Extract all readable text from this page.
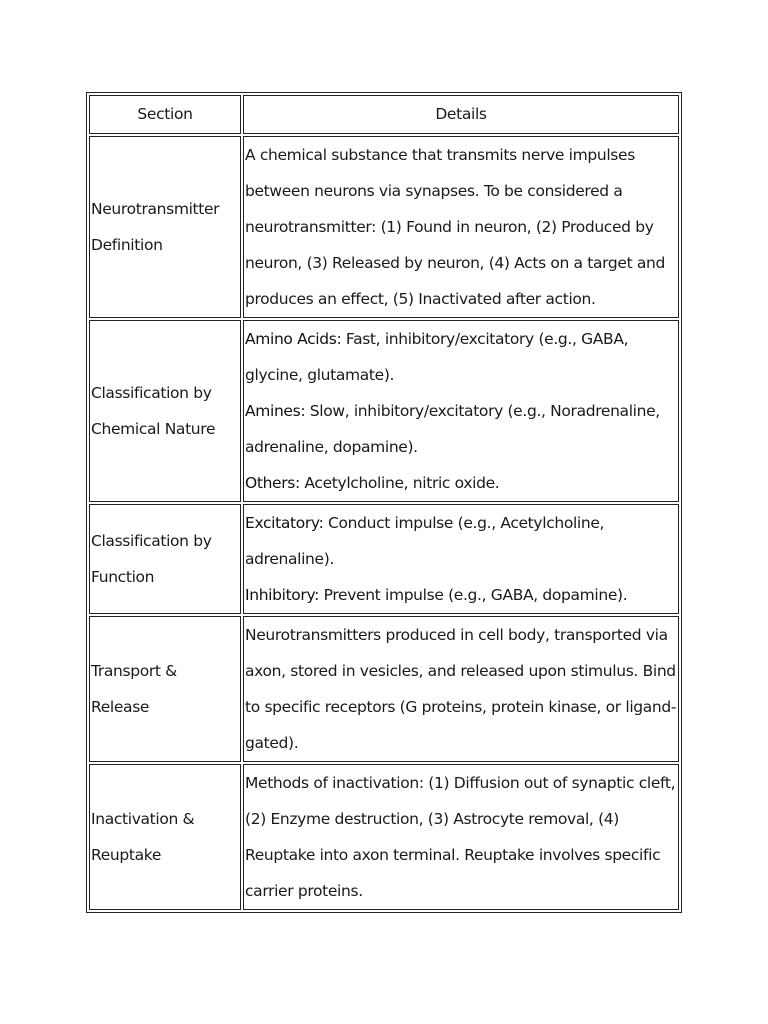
Section	Details
Neurotransmitter Definition	A chemical substance that transmits nerve impulses between neurons via synapses. To be considered a neurotransmitter: (1) Found in neuron, (2) Produced by neuron, (3) Released by neuron, (4) Acts on a target and produces an effect, (5) Inactivated after action.

Classification by Chemical Nature	Amino Acids: Fast, inhibitory/excitatory (e.g., GABA, glycine, glutamate).
Amines: Slow, inhibitory/excitatory (e.g., Noradrenaline, adrenaline, dopamine).
Others: Acetylcholine, nitric oxide.

Classification by Function	Excitatory: Conduct impulse (e.g., Acetylcholine, adrenaline).
Inhibitory: Prevent impulse (e.g., GABA, dopamine).

Transport & Release	Neurotransmitters produced in cell body, transported via axon, stored in vesicles, and released upon stimulus. Bind to specific receptors (G proteins, protein kinase, or ligand-gated).

Inactivation & Reuptake	Methods of inactivation: (1) Diffusion out of synaptic cleft, (2) Enzyme destruction, (3) Astrocyte removal, (4) Reuptake into axon terminal. Reuptake involves specific carrier proteins.
